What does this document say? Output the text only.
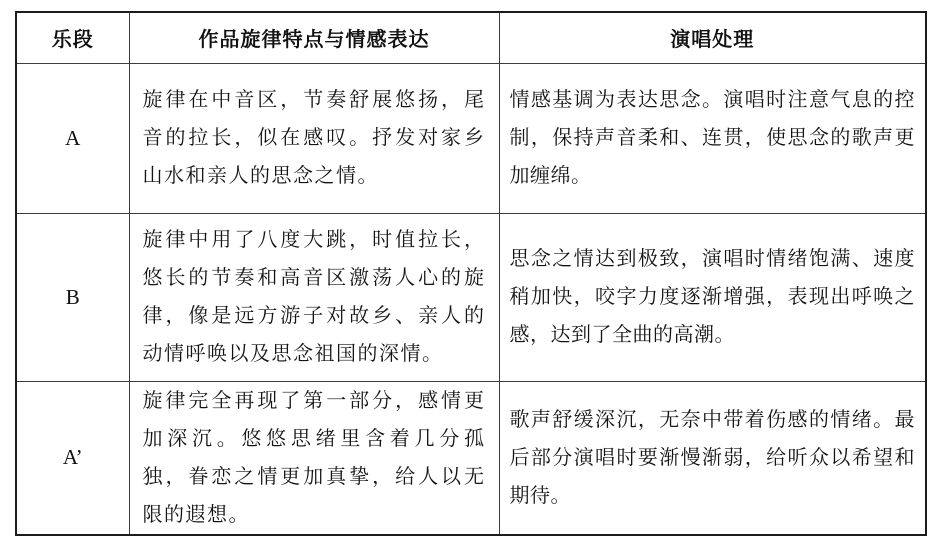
乐段	作品旋律特点与情感表达	演唱处理
A	旋律在中音区，节奏舒展悠扬，尾音的拉长，似在感叹。抒发对家乡山水和亲人的思念之情。	情感基调为表达思念。演唱时注意气息的控制，保持声音柔和、连贯，使思念的歌声更加缠绵。

B	旋律中用了八度大跳，时值拉长，悠长的节奏和高音区激荡人心的旋律，像是远方游子对故乡、亲人的动情呼唤以及思念祖国的深情。	思念之情达到极致，演唱时情绪饱满、速度稍加快，咬字力度逐渐增强，表现出呼唤之感，达到了全曲的高潮。

A’	旋律完全再现了第一部分，感情更加深沉。悠悠思绪里含着几分孤独，眷恋之情更加真挚，给人以无限的遐想。	歌声舒缓深沉，无奈中带着伤感的情绪。最后部分演唱时要渐慢渐弱，给听众以希望和期待。
